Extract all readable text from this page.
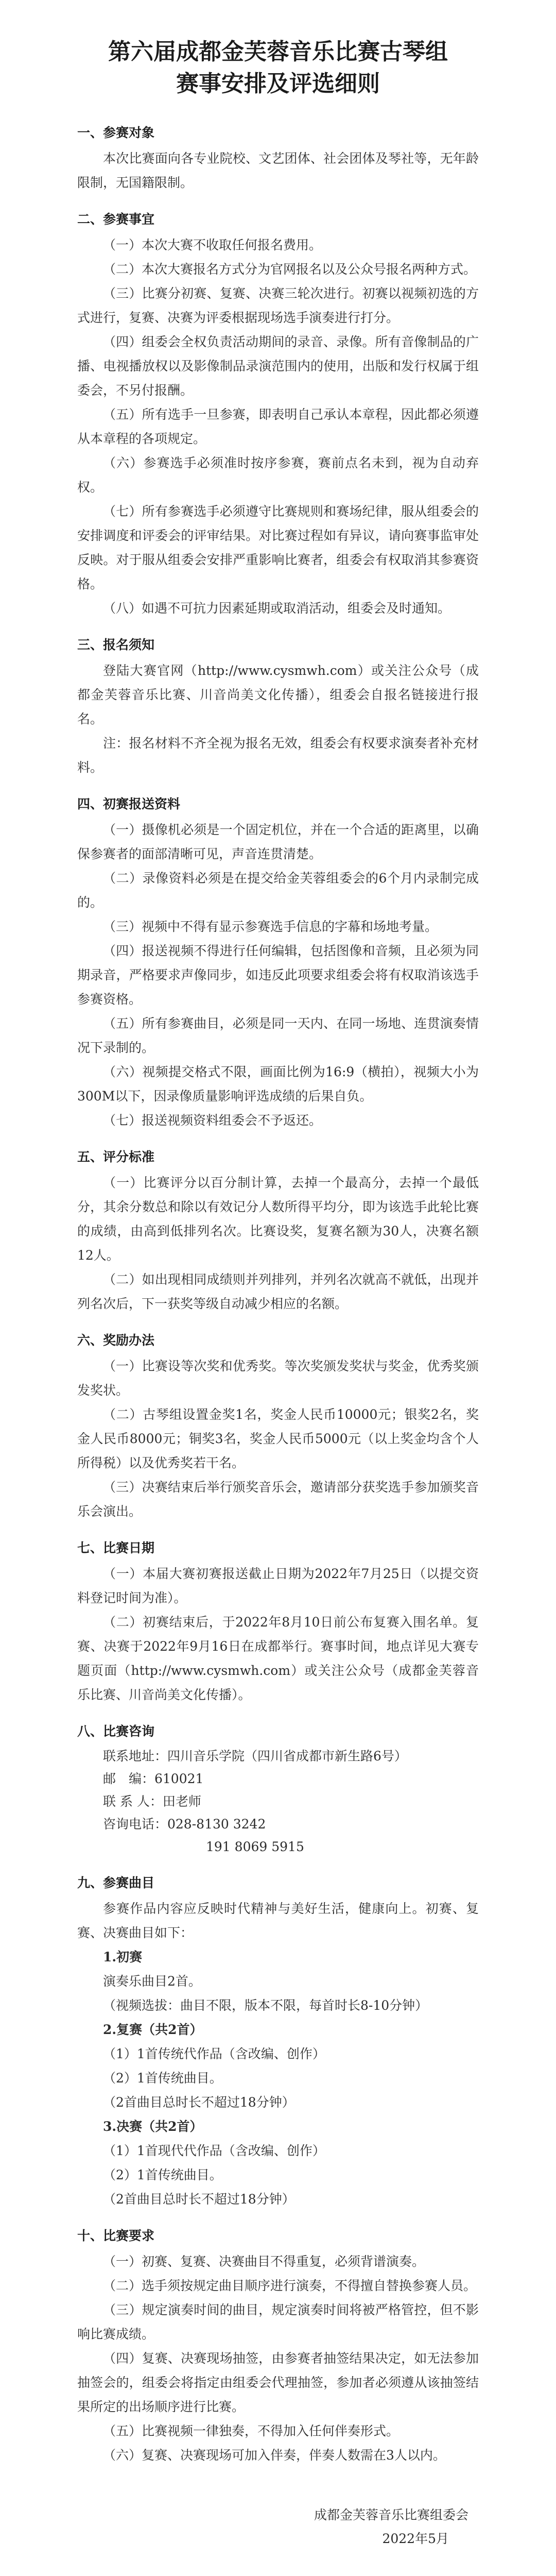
第六届成都金芙蓉音乐比赛古琴组
赛事安排及评选细则
一、参赛对象

本次比赛面向各专业院校、文艺团体、社会团体及琴社等，无年龄限制，无国籍限制。

二、参赛事宜

（一）本次大赛不收取任何报名费用。

（二）本次大赛报名方式分为官网报名以及公众号报名两种方式。

（三）比赛分初赛、复赛、决赛三轮次进行。初赛以视频初选的方式进行，复赛、决赛为评委根据现场选手演奏进行打分。

（四）组委会全权负责活动期间的录音、录像。所有音像制品的广播、电视播放权以及影像制品录演范围内的使用，出版和发行权属于组委会，不另付报酬。

（五）所有选手一旦参赛，即表明自己承认本章程，因此都必须遵从本章程的各项规定。

（六）参赛选手必须准时按序参赛，赛前点名未到，视为自动弃权。

（七）所有参赛选手必须遵守比赛规则和赛场纪律，服从组委会的安排调度和评委会的评审结果。对比赛过程如有异议，请向赛事监审处反映。对于服从组委会安排严重影响比赛者，组委会有权取消其参赛资格。

（八）如遇不可抗力因素延期或取消活动，组委会及时通知。

三、报名须知

登陆大赛官网（http://www.cysmwh.com）或关注公众号（成都金芙蓉音乐比赛、川音尚美文化传播），组委会自报名链接进行报名。

注：报名材料不齐全视为报名无效，组委会有权要求演奏者补充材料。

四、初赛报送资料

（一）摄像机必须是一个固定机位，并在一个合适的距离里，以确保参赛者的面部清晰可见，声音连贯清楚。

（二）录像资料必须是在提交给金芙蓉组委会的6个月内录制完成的。

（三）视频中不得有显示参赛选手信息的字幕和场地考量。

（四）报送视频不得进行任何编辑，包括图像和音频，且必须为同期录音，严格要求声像同步，如违反此项要求组委会将有权取消该选手参赛资格。

（五）所有参赛曲目，必须是同一天内、在同一场地、连贯演奏情况下录制的。

（六）视频提交格式不限，画面比例为16:9（横拍），视频大小为300M以下，因录像质量影响评选成绩的后果自负。

（七）报送视频资料组委会不予返还。

五、评分标准

（一）比赛评分以百分制计算，去掉一个最高分，去掉一个最低分，其余分数总和除以有效记分人数所得平均分，即为该选手此轮比赛的成绩，由高到低排列名次。比赛设奖，复赛名额为30人，决赛名额12人。

（二）如出现相同成绩则并列排列，并列名次就高不就低，出现并列名次后，下一获奖等级自动减少相应的名额。

六、奖励办法

（一）比赛设等次奖和优秀奖。等次奖颁发奖状与奖金，优秀奖颁发奖状。

（二）古琴组设置金奖1名，奖金人民币10000元；银奖2名，奖金人民币8000元；铜奖3名，奖金人民币5000元（以上奖金均含个人所得税）以及优秀奖若干名。

（三）决赛结束后举行颁奖音乐会，邀请部分获奖选手参加颁奖音乐会演出。

七、比赛日期

（一）本届大赛初赛报送截止日期为2022年7月25日（以提交资料登记时间为准）。

（二）初赛结束后，于2022年8月10日前公布复赛入围名单。复赛、决赛于2022年9月16日在成都举行。赛事时间，地点详见大赛专题页面（http://www.cysmwh.com）或关注公众号（成都金芙蓉音乐比赛、川音尚美文化传播）。

八、比赛咨询
联系地址：四川音乐学院（四川省成都市新生路6号）
邮　编：610021
联 系 人：田老师
咨询电话：028-8130 3242
191 8069 5915
九、参赛曲目

参赛作品内容应反映时代精神与美好生活，健康向上。初赛、复赛、决赛曲目如下：

1.初赛

演奏乐曲目2首。

（视频选拔：曲目不限，版本不限，每首时长8-10分钟）

2.复赛（共2首）

（1）1首传统代作品（含改编、创作）

（2）1首传统曲目。

（2首曲目总时长不超过18分钟）

3.决赛（共2首）

（1）1首现代代作品（含改编、创作）

（2）1首传统曲目。

（2首曲目总时长不超过18分钟）

十、比赛要求

（一）初赛、复赛、决赛曲目不得重复，必须背谱演奏。

（二）选手须按规定曲目顺序进行演奏，不得擅自替换参赛人员。

（三）规定演奏时间的曲目，规定演奏时间将被严格管控，但不影响比赛成绩。

（四）复赛、决赛现场抽签，由参赛者抽签结果决定，如无法参加抽签会的，组委会将指定由组委会代理抽签，参加者必须遵从该抽签结果所定的出场顺序进行比赛。

（五）比赛视频一律独奏，不得加入任何伴奏形式。

（六）复赛、决赛现场可加入伴奏，伴奏人数需在3人以内。

成都金芙蓉音乐比赛组委会
2022年5月
